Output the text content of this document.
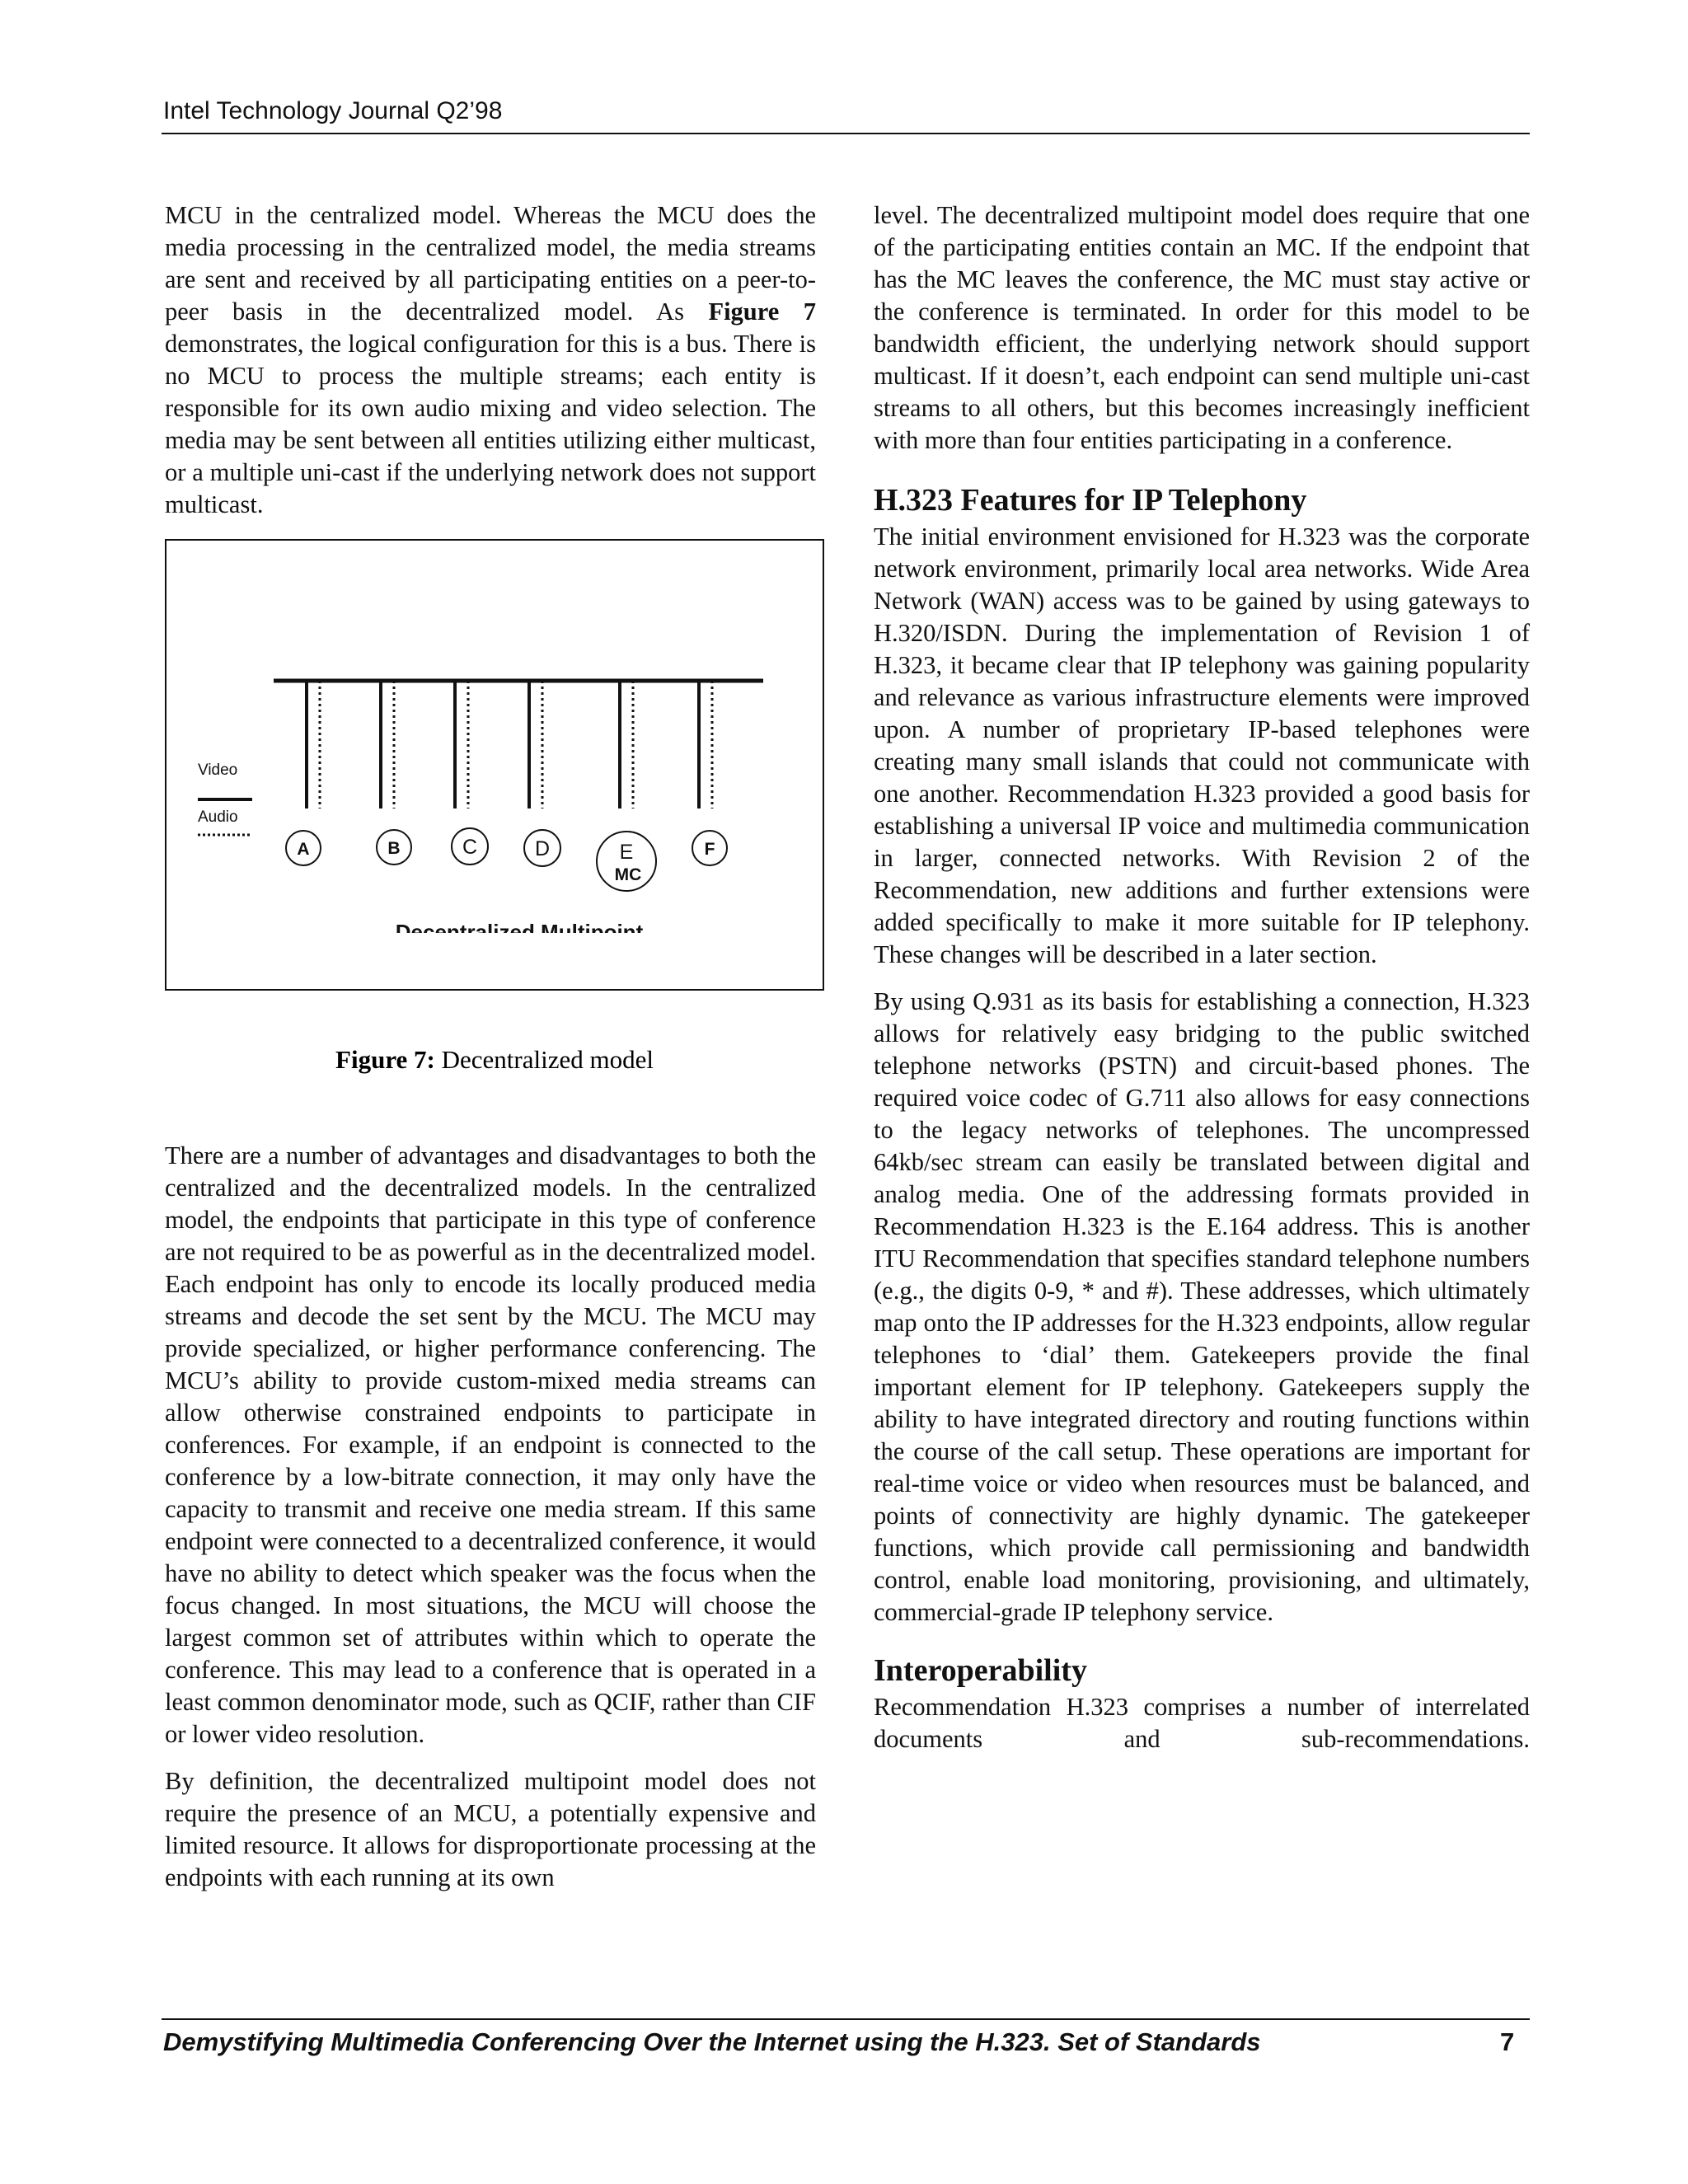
Intel Technology Journal Q2’98

MCU in the centralized model. Whereas the MCU does the media processing in the centralized model, the media streams are sent and received by all participating entities on a peer-to-peer basis in the decentralized model. As Figure 7 demonstrates, the logical configuration for this is a bus. There is no MCU to process the multiple streams; each entity is responsible for its own audio mixing and video selection. The media may be sent between all entities utilizing either multicast, or a multiple uni-cast if the underlying network does not support multicast.

Video
Audio
A	B	C	D	E
MC
F
Decentralized Multipoint
Figure 7: Decentralized model

There are a number of advantages and disadvantages to both the centralized and the decentralized models. In the centralized model, the endpoints that participate in this type of conference are not required to be as powerful as in the decentralized model. Each endpoint has only to encode its locally produced media streams and decode the set sent by the MCU. The MCU may provide specialized, or higher performance conferencing. The MCU’s ability to provide custom-mixed media streams can allow otherwise constrained endpoints to participate in conferences. For example, if an endpoint is connected to the conference by a low-bitrate connection, it may only have the capacity to transmit and receive one media stream. If this same endpoint were connected to a decentralized conference, it would have no ability to detect which speaker was the focus when the focus changed. In most situations, the MCU will choose the largest common set of attributes within which to operate the conference. This may lead to a conference that is operated in a least common denominator mode, such as QCIF, rather than CIF or lower video resolution.

By definition, the decentralized multipoint model does not require the presence of an MCU, a potentially expensive and limited resource. It allows for disproportionate processing at the endpoints with each running at its own

level. The decentralized multipoint model does require that one of the participating entities contain an MC. If the endpoint that has the MC leaves the conference, the MC must stay active or the conference is terminated. In order for this model to be bandwidth efficient, the underlying network should support multicast. If it doesn’t, each endpoint can send multiple uni-cast streams to all others, but this becomes increasingly inefficient with more than four entities participating in a conference.

H.323 Features for IP Telephony

The initial environment envisioned for H.323 was the corporate network environment, primarily local area networks. Wide Area Network (WAN) access was to be gained by using gateways to H.320/ISDN. During the implementation of Revision 1 of H.323, it became clear that IP telephony was gaining popularity and relevance as various infrastructure elements were improved upon. A number of proprietary IP-based telephones were creating many small islands that could not communicate with one another. Recommendation H.323 provided a good basis for establishing a universal IP voice and multimedia communication in larger, connected networks. With Revision 2 of the Recommendation, new additions and further extensions were added specifically to make it more suitable for IP telephony. These changes will be described in a later section.

By using Q.931 as its basis for establishing a connection, H.323 allows for relatively easy bridging to the public switched telephone networks (PSTN) and circuit-based phones. The required voice codec of G.711 also allows for easy connections to the legacy networks of telephones. The uncompressed 64kb/sec stream can easily be translated between digital and analog media. One of the addressing formats provided in Recommendation H.323 is the E.164 address. This is another ITU Recommendation that specifies standard telephone numbers (e.g., the digits 0-9, * and #). These addresses, which ultimately map onto the IP addresses for the H.323 endpoints, allow regular telephones to ‘dial’ them. Gatekeepers provide the final important element for IP telephony. Gatekeepers supply the ability to have integrated directory and routing functions within the course of the call setup. These operations are important for real-time voice or video when resources must be balanced, and points of connectivity are highly dynamic. The gatekeeper functions, which provide call permissioning and bandwidth control, enable load monitoring, provisioning, and ultimately, commercial-grade IP telephony service.

Interoperability

Recommendation H.323 comprises a number of interrelated documents and sub-recommendations.

Demystifying Multimedia Conferencing Over the Internet using the H.323. Set of Standards	7
